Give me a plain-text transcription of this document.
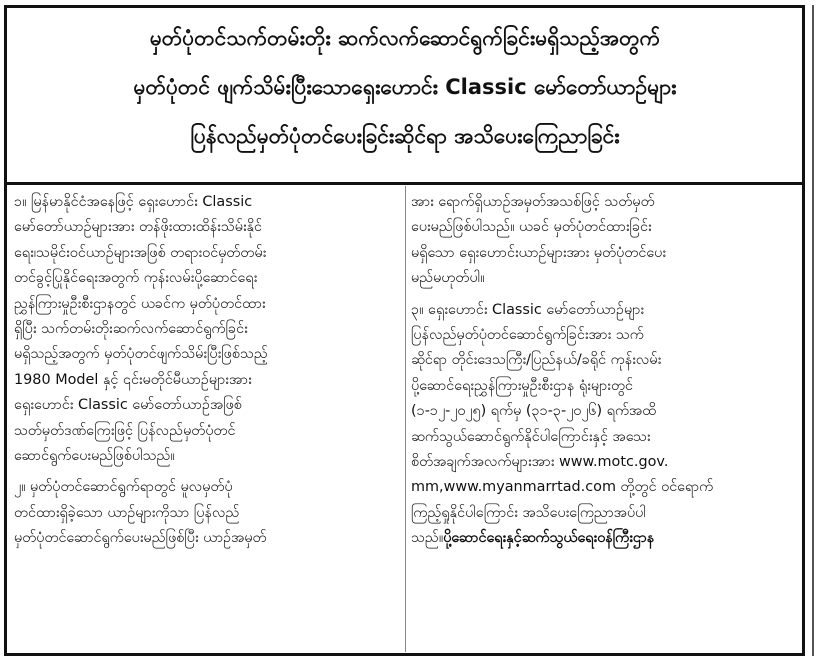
မှတ်ပုံတင်သက်တမ်းတိုး ဆက်လက်ဆောင်ရွက်ခြင်းမရှိသည့်အတွက်
မှတ်ပုံတင် ဖျက်သိမ်းပြီးသောရှေးဟောင်း Classic မော်တော်ယာဉ်များ
ပြန်လည်မှတ်ပုံတင်ပေးခြင်းဆိုင်ရာ အသိပေးကြေညာခြင်း

၁။ မြန်မာနိုင်ငံအနေဖြင့် ရှေးဟောင်း Classic
မော်တော်ယာဉ်များအား တန်ဖိုးထားထိန်းသိမ်းနိုင်
ရေး၊သမိုင်းဝင်ယာဉ်များအဖြစ် တရားဝင်မှတ်တမ်း
တင်ခွင့်ပြုနိုင်ရေးအတွက် ကုန်းလမ်းပို့ဆောင်ရေး
ညွှန်ကြားမှုဦးစီးဌာနတွင် ယခင်က မှတ်ပုံတင်ထား
ရှိပြီး သက်တမ်းတိုးဆက်လက်ဆောင်ရွက်ခြင်း
မရှိသည့်အတွက် မှတ်ပုံတင်ဖျက်သိမ်းပြီးဖြစ်သည့်
1980 Model နှင့် ၎င်းမတိုင်မီယာဉ်များအား
ရှေးဟောင်း Classic မော်တော်ယာဉ်အဖြစ်
သတ်မှတ်ဒဏ်ကြေးဖြင့် ပြန်လည်မှတ်ပုံတင်
ဆောင်ရွက်ပေးမည်ဖြစ်ပါသည်။

၂။ မှတ်ပုံတင်ဆောင်ရွက်ရာတွင် မူလမှတ်ပုံ
တင်ထားရှိခဲ့သော ယာဉ်များကိုသာ ပြန်လည်
မှတ်ပုံတင်ဆောင်ရွက်ပေးမည်ဖြစ်ပြီး ယာဉ်အမှတ်

အား ရောက်ရှိယာဉ်အမှတ်အသစ်ဖြင့် သတ်မှတ်
ပေးမည်ဖြစ်ပါသည်။ ယခင် မှတ်ပုံတင်ထားခြင်း
မရှိသော ရှေးဟောင်းယာဉ်များအား မှတ်ပုံတင်ပေး
မည်မဟုတ်ပါ။

၃။ ရှေးဟောင်း Classic မော်တော်ယာဉ်များ
ပြန်လည်မှတ်ပုံတင်ဆောင်ရွက်ခြင်းအား သက်
ဆိုင်ရာ တိုင်းဒေသကြီး/ပြည်နယ်/ခရိုင် ကုန်းလမ်း
ပို့ဆောင်ရေးညွှန်ကြားမှုဦးစီးဌာန ရုံးများတွင်
(၁-၁၂-၂၀၂၅) ရက်မှ (၃၁-၃-၂၀၂၆) ရက်အထိ
ဆက်သွယ်ဆောင်ရွက်နိုင်ပါကြောင်းနှင့် အသေး
စိတ်အချက်အလက်များအား www.motc.gov.
mm,www.myanmarrtad.com တို့တွင် ဝင်ရောက်
ကြည့်ရှုနိုင်ပါကြောင်း အသိပေးကြေညာအပ်ပါ
သည်။ပို့ဆောင်ရေးနှင့်ဆက်သွယ်ရေးဝန်ကြီးဌာန
